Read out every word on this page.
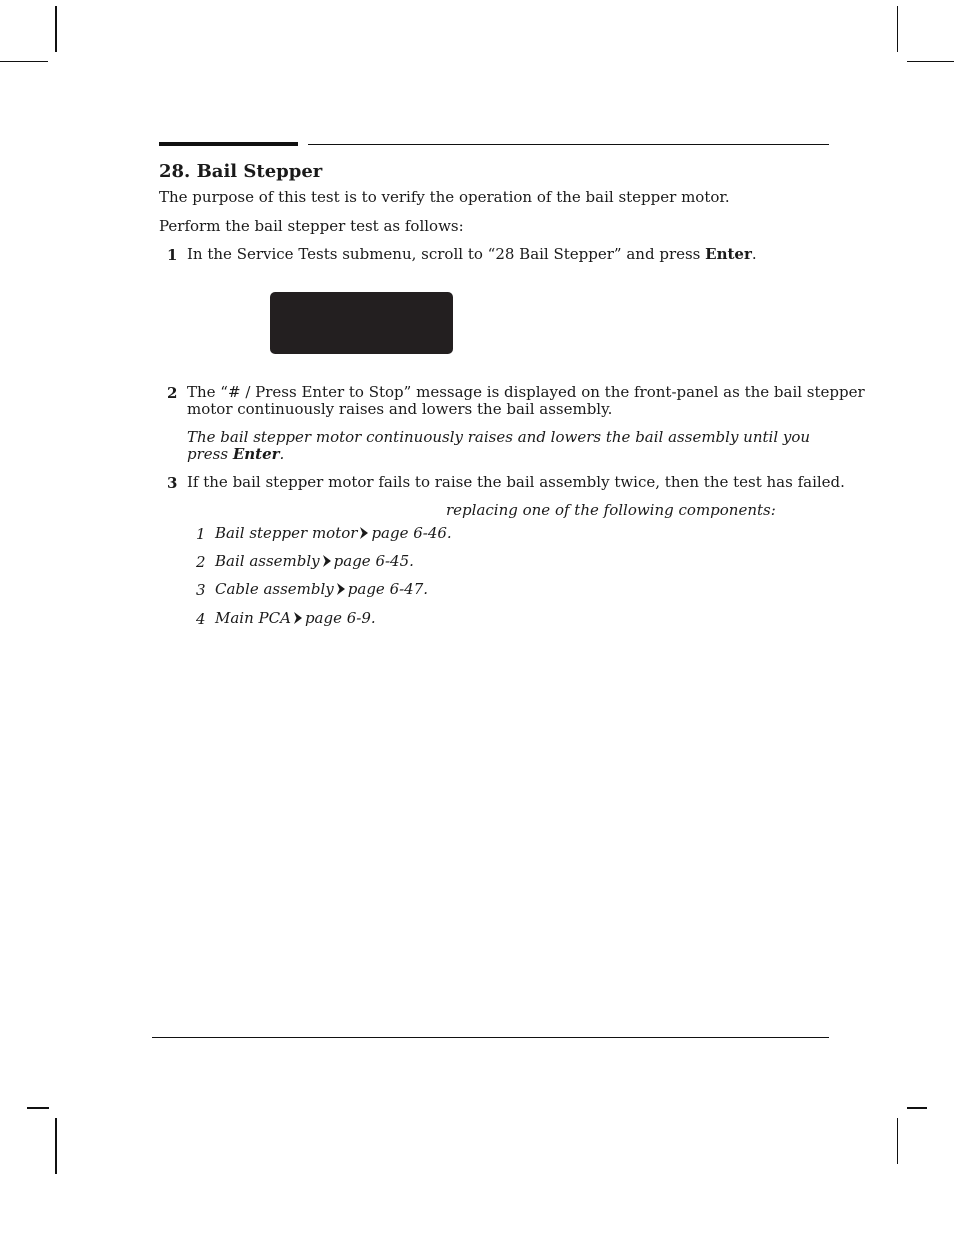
28. Bail Stepper
The purpose of this test is to verify the operation of the bail stepper motor.
Perform the bail stepper test as follows:
1 In the Service Tests submenu, scroll to “28 Bail Stepper” and press Enter.
2 The “# / Press Enter to Stop” message is displayed on the front-panel as the bail stepper
motor continuously raises and lowers the bail assembly.
The bail stepper motor continuously raises and lowers the bail assembly until you
press Enter.
3 If the bail stepper motor fails to raise the bail assembly twice, then the test has failed.
replacing one of the following components:
1 Bail stepper motor page 6-46.
2 Bail assembly page 6-45.
3 Cable assembly page 6-47.
4 Main PCA page 6-9.
